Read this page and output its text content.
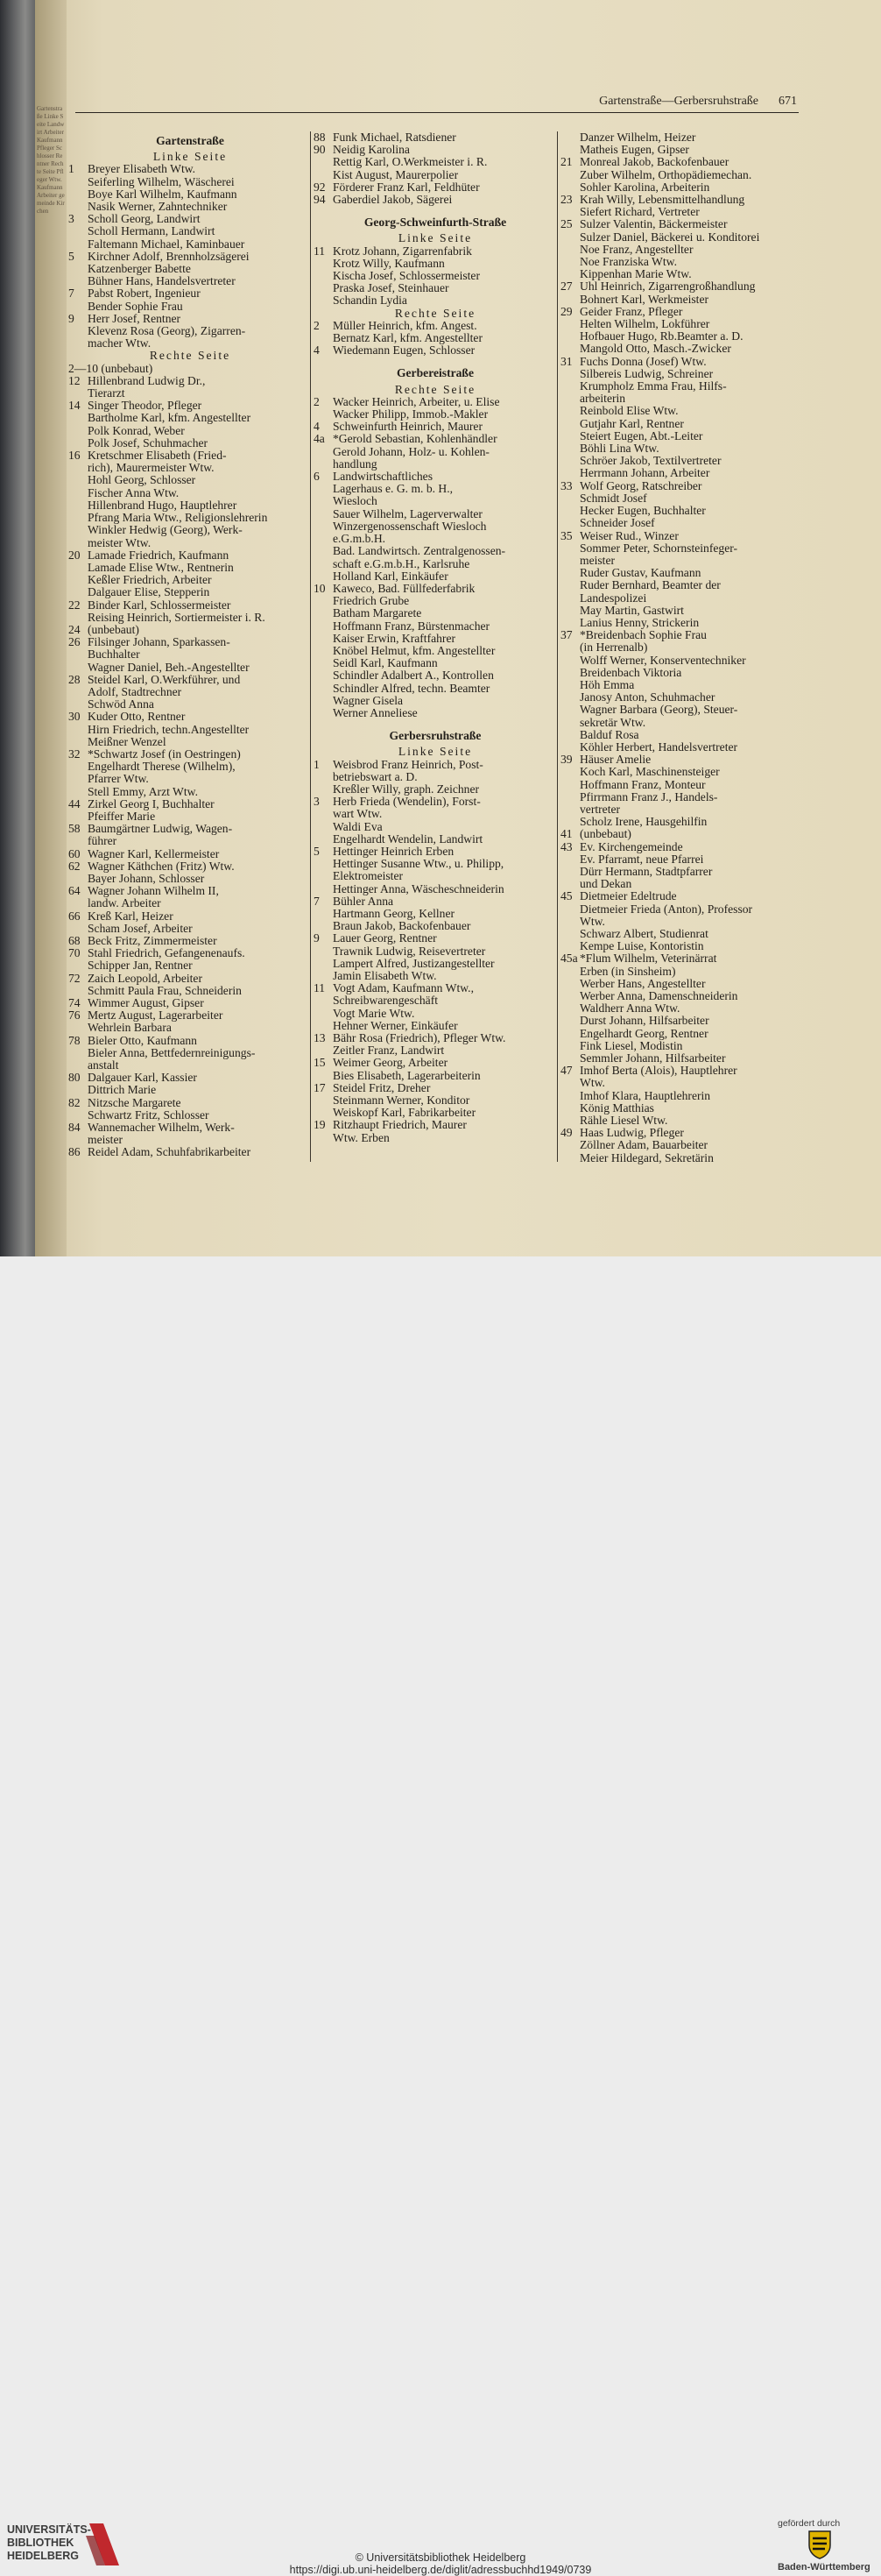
Gartenstraße Linke Seite Landwirt Arbeiter Kaufmann Pfleger Schlosser Rentner Rechte Seite Pfleger Wtw. Kaufmann Arbeiter gemeinde Kirchen
Gartenstraße—Gerbersruhstraße 671
Gartenstraße
Linke Seite
1 Breyer Elisabeth Wtw.
Seiferling Wilhelm, Wäscherei
Boye Karl Wilhelm, Kaufmann
Nasik Werner, Zahntechniker
3 Scholl Georg, Landwirt
Scholl Hermann, Landwirt
Faltemann Michael, Kaminbauer
5 Kirchner Adolf, Brennholzsägerei
Katzenberger Babette
Bühner Hans, Handelsvertreter
7 Pabst Robert, Ingenieur
Bender Sophie Frau
9 Herr Josef, Rentner
Klevenz Rosa (Georg), Zigarren-
macher Wtw.
Rechte Seite
2—10 (unbebaut)
12 Hillenbrand Ludwig Dr.,
Tierarzt
14 Singer Theodor, Pfleger
Bartholme Karl, kfm. Angestellter
Polk Konrad, Weber
Polk Josef, Schuhmacher
16 Kretschmer Elisabeth (Fried-
rich), Maurermeister Wtw.
Hohl Georg, Schlosser
Fischer Anna Wtw.
Hillenbrand Hugo, Hauptlehrer
Pfrang Maria Wtw., Religionslehrerin
Winkler Hedwig (Georg), Werk-
meister Wtw.
20 Lamade Friedrich, Kaufmann
Lamade Elise Wtw., Rentnerin
Keßler Friedrich, Arbeiter
Dalgauer Elise, Stepperin
22 Binder Karl, Schlossermeister
Reising Heinrich, Sortiermeister i. R.
24 (unbebaut)
26 Filsinger Johann, Sparkassen-
Buchhalter
Wagner Daniel, Beh.-Angestellter
28 Steidel Karl, O.Werkführer, und
Adolf, Stadtrechner
Schwöd Anna
30 Kuder Otto, Rentner
Hirn Friedrich, techn.Angestellter
Meißner Wenzel
32 *Schwartz Josef (in Oestringen)
Engelhardt Therese (Wilhelm),
Pfarrer Wtw.
Stell Emmy, Arzt Wtw.
44 Zirkel Georg I, Buchhalter
Pfeiffer Marie
58 Baumgärtner Ludwig, Wagen-
führer
60 Wagner Karl, Kellermeister
62 Wagner Käthchen (Fritz) Wtw.
Bayer Johann, Schlosser
64 Wagner Johann Wilhelm II,
landw. Arbeiter
66 Kreß Karl, Heizer
Scham Josef, Arbeiter
68 Beck Fritz, Zimmermeister
70 Stahl Friedrich, Gefangenenaufs.
Schipper Jan, Rentner
72 Zaich Leopold, Arbeiter
Schmitt Paula Frau, Schneiderin
74 Wimmer August, Gipser
76 Mertz August, Lagerarbeiter
Wehrlein Barbara
78 Bieler Otto, Kaufmann
Bieler Anna, Bettfedernreinigungs-
anstalt
80 Dalgauer Karl, Kassier
Dittrich Marie
82 Nitzsche Margarete
Schwartz Fritz, Schlosser
84 Wannemacher Wilhelm, Werk-
meister
86 Reidel Adam, Schuhfabrikarbeiter
88 Funk Michael, Ratsdiener
90 Neidig Karolina
Rettig Karl, O.Werkmeister i. R.
Kist August, Maurerpolier
92 Förderer Franz Karl, Feldhüter
94 Gaberdiel Jakob, Sägerei
Georg-Schweinfurth-Straße
Linke Seite
11 Krotz Johann, Zigarrenfabrik
Krotz Willy, Kaufmann
Kischa Josef, Schlossermeister
Praska Josef, Steinhauer
Schandin Lydia
Rechte Seite
2 Müller Heinrich, kfm. Angest.
Bernatz Karl, kfm. Angestellter
4 Wiedemann Eugen, Schlosser
Gerbereistraße
Rechte Seite
2 Wacker Heinrich, Arbeiter, u. Elise
Wacker Philipp, Immob.-Makler
4 Schweinfurth Heinrich, Maurer
4a *Gerold Sebastian, Kohlenhändler
Gerold Johann, Holz- u. Kohlen-
handlung
6 Landwirtschaftliches
Lagerhaus e. G. m. b. H.,
Wiesloch
Sauer Wilhelm, Lagerverwalter
Winzergenossenschaft Wiesloch
e.G.m.b.H.
Bad. Landwirtsch. Zentralgenossen-
schaft e.G.m.b.H., Karlsruhe
Holland Karl, Einkäufer
10 Kaweco, Bad. Füllfederfabrik
Friedrich Grube
Batham Margarete
Hoffmann Franz, Bürstenmacher
Kaiser Erwin, Kraftfahrer
Knöbel Helmut, kfm. Angestellter
Seidl Karl, Kaufmann
Schindler Adalbert A., Kontrollen
Schindler Alfred, techn. Beamter
Wagner Gisela
Werner Anneliese
Gerbersruhstraße
Linke Seite
1 Weisbrod Franz Heinrich, Post-
betriebswart a. D.
Kreßler Willy, graph. Zeichner
3 Herb Frieda (Wendelin), Forst-
wart Wtw.
Waldi Eva
Engelhardt Wendelin, Landwirt
5 Hettinger Heinrich Erben
Hettinger Susanne Wtw., u. Philipp,
Elektromeister
Hettinger Anna, Wäscheschneiderin
7 Bühler Anna
Hartmann Georg, Kellner
Braun Jakob, Backofenbauer
9 Lauer Georg, Rentner
Trawnik Ludwig, Reisevertreter
Lampert Alfred, Justizangestellter
Jamin Elisabeth Wtw.
11 Vogt Adam, Kaufmann Wtw.,
Schreibwarengeschäft
Vogt Marie Wtw.
Hehner Werner, Einkäufer
13 Bähr Rosa (Friedrich), Pfleger Wtw.
Zeitler Franz, Landwirt
15 Weimer Georg, Arbeiter
Bies Elisabeth, Lagerarbeiterin
17 Steidel Fritz, Dreher
Steinmann Werner, Konditor
Weiskopf Karl, Fabrikarbeiter
19 Ritzhaupt Friedrich, Maurer
Wtw. Erben
Danzer Wilhelm, Heizer
Matheis Eugen, Gipser
21 Monreal Jakob, Backofenbauer
Zuber Wilhelm, Orthopädiemechan.
Sohler Karolina, Arbeiterin
23 Krah Willy, Lebensmittelhandlung
Siefert Richard, Vertreter
25 Sulzer Valentin, Bäckermeister
Sulzer Daniel, Bäckerei u. Konditorei
Noe Franz, Angestellter
Noe Franziska Wtw.
Kippenhan Marie Wtw.
27 Uhl Heinrich, Zigarrengroßhandlung
Bohnert Karl, Werkmeister
29 Geider Franz, Pfleger
Helten Wilhelm, Lokführer
Hofbauer Hugo, Rb.Beamter a. D.
Mangold Otto, Masch.-Zwicker
31 Fuchs Donna (Josef) Wtw.
Silbereis Ludwig, Schreiner
Krumpholz Emma Frau, Hilfs-
arbeiterin
Reinbold Elise Wtw.
Gutjahr Karl, Rentner
Steiert Eugen, Abt.-Leiter
Böhli Lina Wtw.
Schröer Jakob, Textilvertreter
Herrmann Johann, Arbeiter
33 Wolf Georg, Ratschreiber
Schmidt Josef
Hecker Eugen, Buchhalter
Schneider Josef
35 Weiser Rud., Winzer
Sommer Peter, Schornsteinfeger-
meister
Ruder Gustav, Kaufmann
Ruder Bernhard, Beamter der
Landespolizei
May Martin, Gastwirt
Lanius Henny, Strickerin
37 *Breidenbach Sophie Frau
(in Herrenalb)
Wolff Werner, Konserventechniker
Breidenbach Viktoria
Höh Emma
Janosy Anton, Schuhmacher
Wagner Barbara (Georg), Steuer-
sekretär Wtw.
Balduf Rosa
Köhler Herbert, Handelsvertreter
39 Häuser Amelie
Koch Karl, Maschinensteiger
Hoffmann Franz, Monteur
Pfirrmann Franz J., Handels-
vertreter
Scholz Irene, Hausgehilfin
41 (unbebaut)
43 Ev. Kirchengemeinde
Ev. Pfarramt, neue Pfarrei
Dürr Hermann, Stadtpfarrer
und Dekan
45 Dietmeier Edeltrude
Dietmeier Frieda (Anton), Professor
Wtw.
Schwarz Albert, Studienrat
Kempe Luise, Kontoristin
45a *Flum Wilhelm, Veterinärrat
Erben (in Sinsheim)
Werber Hans, Angestellter
Werber Anna, Damenschneiderin
Waldherr Anna Wtw.
Durst Johann, Hilfsarbeiter
Engelhardt Georg, Rentner
Fink Liesel, Modistin
Semmler Johann, Hilfsarbeiter
47 Imhof Berta (Alois), Hauptlehrer
Wtw.
Imhof Klara, Hauptlehrerin
König Matthias
Rähle Liesel Wtw.
49 Haas Ludwig, Pfleger
Zöllner Adam, Bauarbeiter
Meier Hildegard, Sekretärin
UNIVERSITÄTS-
BIBLIOTHEK
HEIDELBERG	© Universitätsbibliothek Heidelberg
https://digi.ub.uni-heidelberg.de/diglit/adressbuchhd1949/0739
gefördert durch
Baden-Württemberg
